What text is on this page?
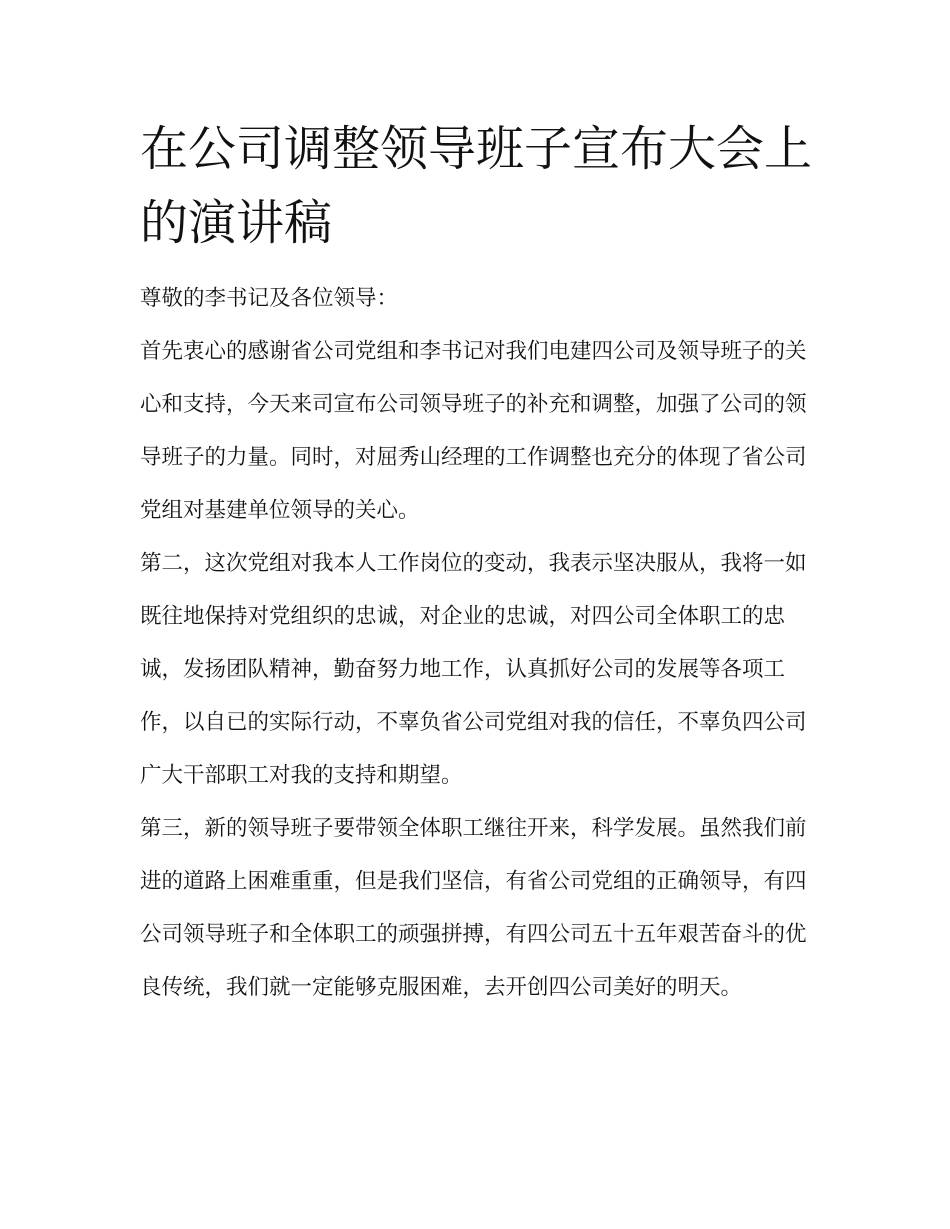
在公司调整领导班子宣布大会上的演讲稿
尊敬的李书记及各位领导：

首先衷心的感谢省公司党组和李书记对我们电建四公司及领导班子的关心和支持，今天来司宣布公司领导班子的补充和调整，加强了公司的领导班子的力量。同时，对屈秀山经理的工作调整也充分的体现了省公司党组对基建单位领导的关心。

第二，这次党组对我本人工作岗位的变动，我表示坚决服从，我将一如既往地保持对党组织的忠诚，对企业的忠诚，对四公司全体职工的忠诚，发扬团队精神，勤奋努力地工作，认真抓好公司的发展等各项工作，以自已的实际行动，不辜负省公司党组对我的信任，不辜负四公司广大干部职工对我的支持和期望。

第三，新的领导班子要带领全体职工继往开来，科学发展。虽然我们前进的道路上困难重重，但是我们坚信，有省公司党组的正确领导，有四公司领导班子和全体职工的顽强拼搏，有四公司五十五年艰苦奋斗的优良传统，我们就一定能够克服困难，去开创四公司美好的明天。
